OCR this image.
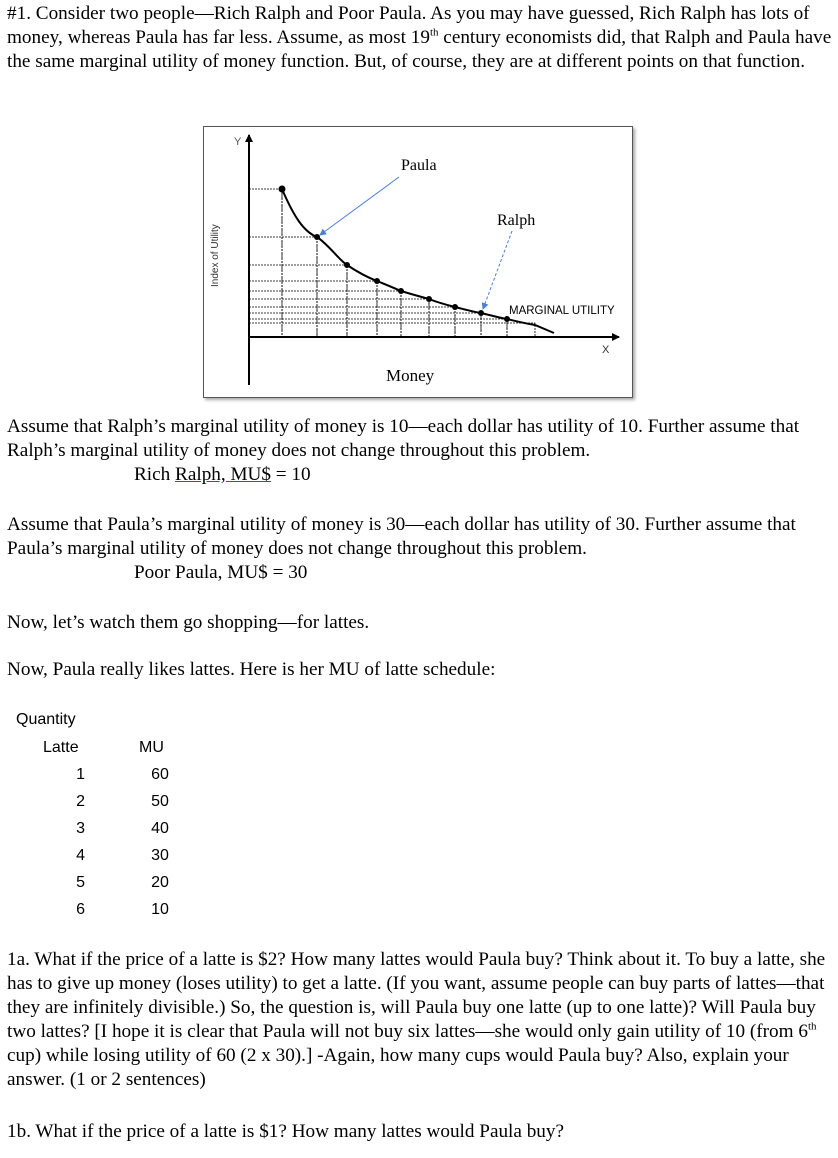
#1. Consider two people—Rich Ralph and Poor Paula. As you may have guessed, Rich Ralph has lots of money, whereas Paula has far less. Assume, as most 19th century economists did, that Ralph and Paula have the same marginal utility of money function. But, of course, they are at different points on that function.

Y
X
Index of Utility
Money
MARGINAL UTILITY
Paula
Ralph

Assume that Ralph’s marginal utility of money is 10—each dollar has utility of 10. Further assume that Ralph’s marginal utility of money does not change throughout this problem.

Rich Ralph, MU$ = 10

Assume that Paula’s marginal utility of money is 30—each dollar has utility of 30. Further assume that Paula’s marginal utility of money does not change throughout this problem.

Poor Paula, MU$ = 30

Now, let’s watch them go shopping—for lattes.

Now, Paula really likes lattes. Here is her MU of latte schedule:

Quantity
Latte	MU
1	60
2	50
3	40
4	30
5	20
6	10

1a. What if the price of a latte is $2? How many lattes would Paula buy? Think about it. To buy a latte, she has to give up money (loses utility) to get a latte. (If you want, assume people can buy parts of lattes—that they are infinitely divisible.) So, the question is, will Paula buy one latte (up to one latte)? Will Paula buy two lattes? [I hope it is clear that Paula will not buy six lattes—she would only gain utility of 10 (from 6th cup) while losing utility of 60 (2 x 30).] -Again, how many cups would Paula buy? Also, explain your answer. (1 or 2 sentences)

1b. What if the price of a latte is $1? How many lattes would Paula buy?
